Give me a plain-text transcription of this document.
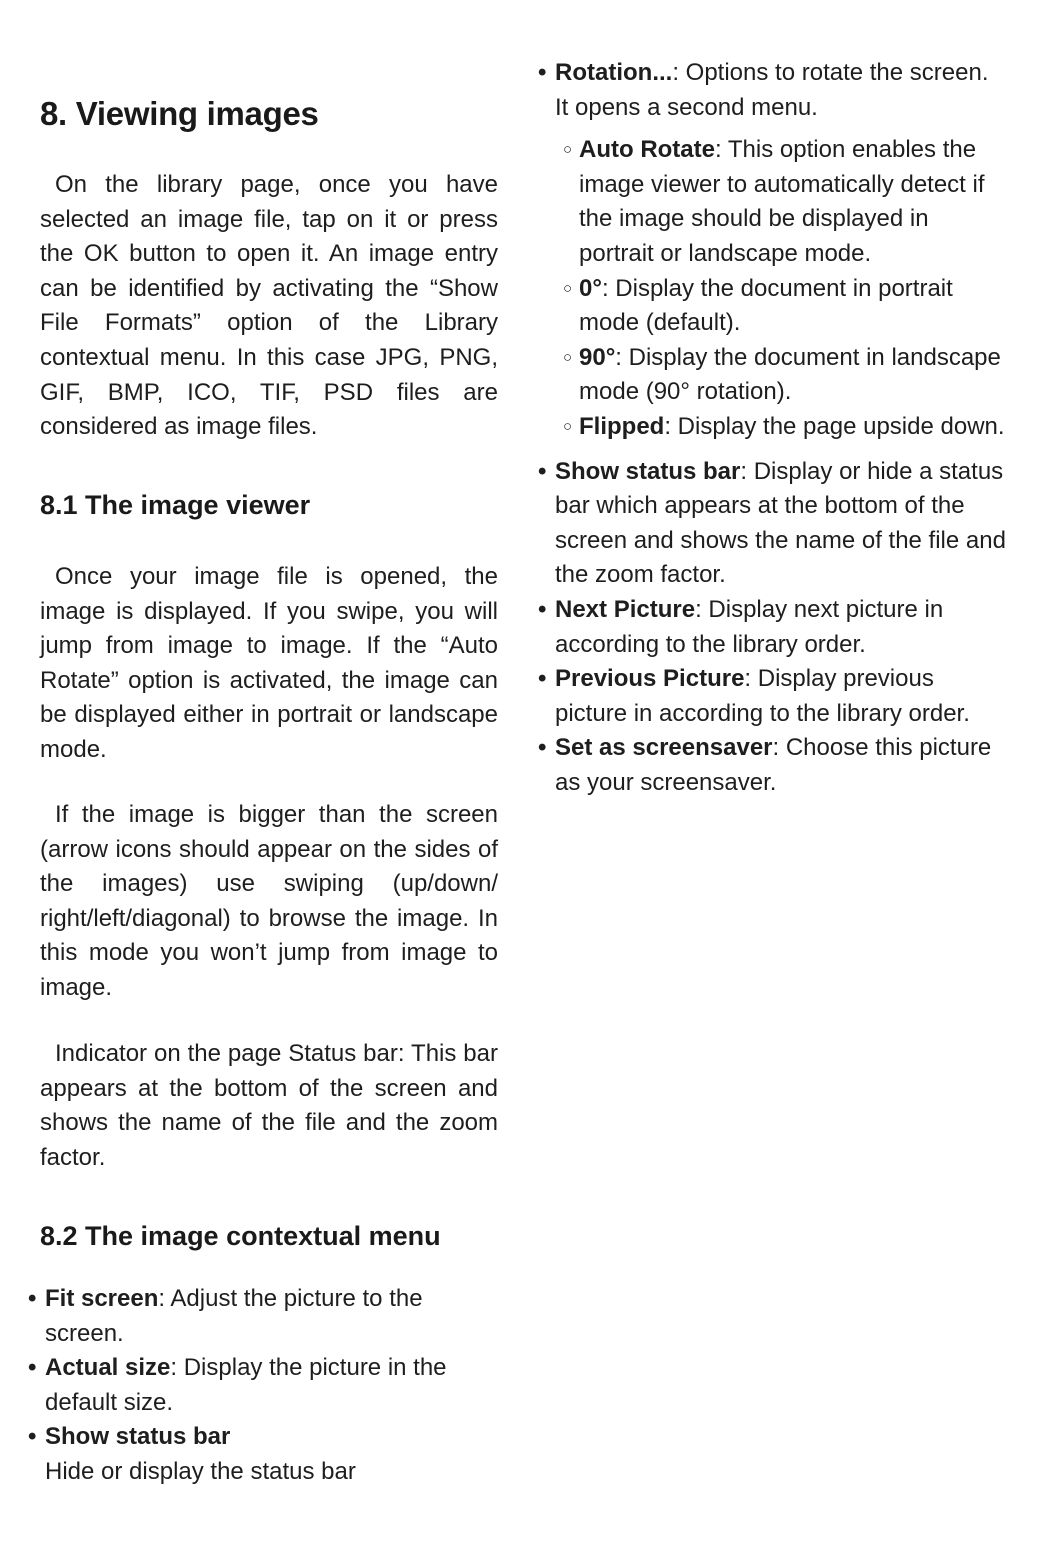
8. Viewing images

On the library page, once you have selected an image file, tap on it or press the OK button to open it. An image entry can be identified by activating the “Show File Formats” option of the Library contextual menu. In this case JPG, PNG, GIF, BMP, ICO, TIF, PSD files are considered as image files.

8.1 The image viewer

Once your image file is opened, the image is displayed. If you swipe, you will jump from image to image. If the “Auto Rotate” option is activated, the image can be displayed either in portrait or landscape mode.

If the image is bigger than the screen (arrow icons should appear on the sides of the images) use swiping (up/down/ right/left/diagonal) to browse the image. In this mode you won’t jump from image to image.

Indicator on the page Status bar: This bar appears at the bottom of the screen and shows the name of the file and the zoom factor.

8.2 The image contextual menu
• Fit screen: Adjust the picture to the screen.
• Actual size: Display the picture in the default size.
• Show status bar
Hide or display the status bar
• Rotation...: Options to rotate the screen. It opens a second menu.
○ Auto Rotate: This option enables the image viewer to automatically detect if the image should be displayed in portrait or landscape mode.
○ 0°: Display the document in portrait mode (default).
○ 90°: Display the document in landscape mode (90° rotation).
○ Flipped: Display the page upside down.
• Show status bar: Display or hide a status bar which appears at the bottom of the screen and shows the name of the file and the zoom factor.
• Next Picture: Display next picture in according to the library order.
• Previous Picture: Display previous picture in according to the library order.
• Set as screensaver: Choose this picture as your screensaver.
